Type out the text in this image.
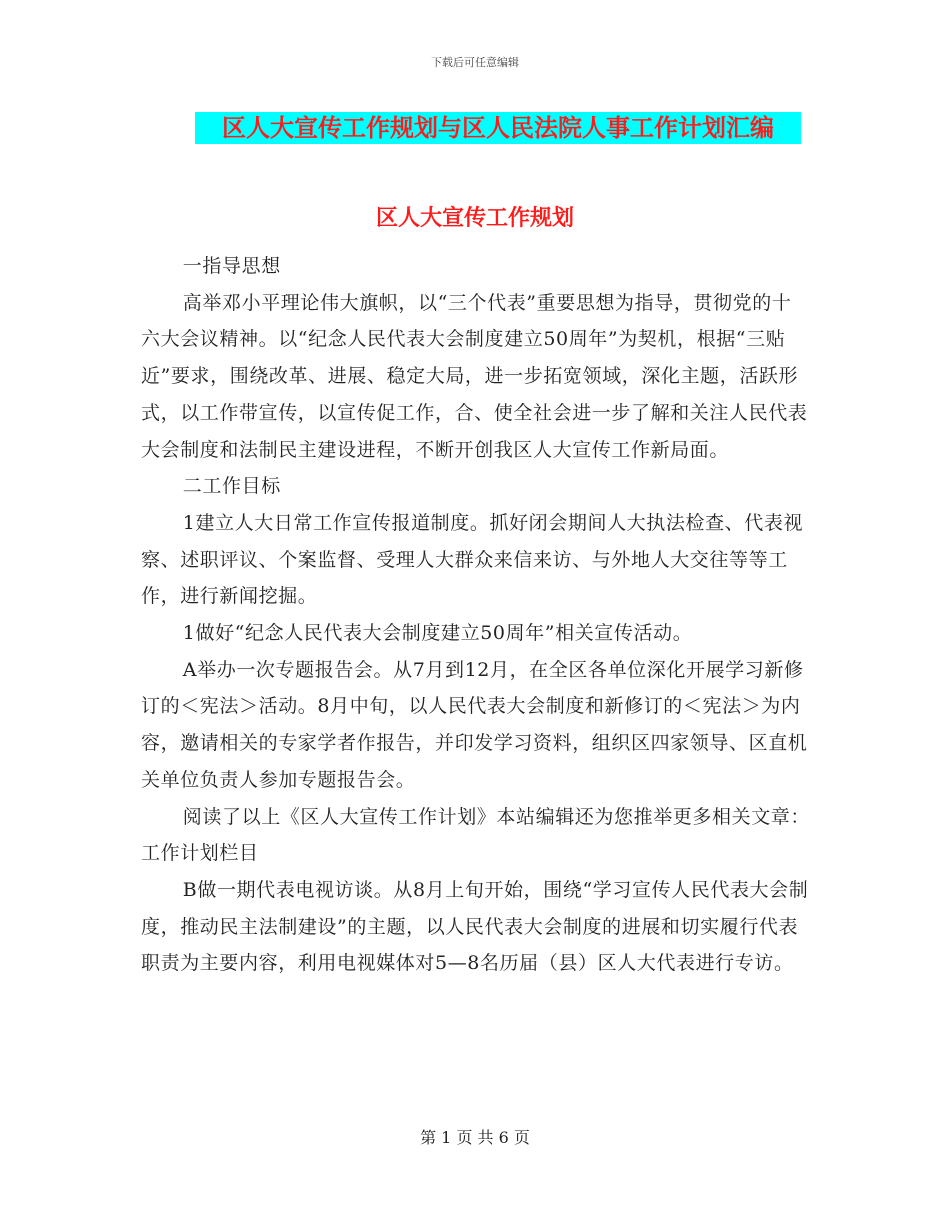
下载后可任意编辑
区人大宣传工作规划与区人民法院人事工作计划汇编
区人大宣传工作规划

一指导思想

高举邓小平理论伟大旗帜，以“三个代表”重要思想为指导，贯彻党的十六大会议精神。以“纪念人民代表大会制度建立50周年”为契机，根据“三贴近”要求，围绕改革、进展、稳定大局，进一步拓宽领域，深化主题，活跃形式，以工作带宣传，以宣传促工作，合、使全社会进一步了解和关注人民代表大会制度和法制民主建设进程，不断开创我区人大宣传工作新局面。

二工作目标

1建立人大日常工作宣传报道制度。抓好闭会期间人大执法检查、代表视察、述职评议、个案监督、受理人大群众来信来访、与外地人大交往等等工作，进行新闻挖掘。

1做好“纪念人民代表大会制度建立50周年”相关宣传活动。

A举办一次专题报告会。从7月到12月，在全区各单位深化开展学习新修订的＜宪法＞活动。8月中旬，以人民代表大会制度和新修订的＜宪法＞为内容，邀请相关的专家学者作报告，并印发学习资料，组织区四家领导、区直机关单位负责人参加专题报告会。

阅读了以上《区人大宣传工作计划》本站编辑还为您推举更多相关文章：工作计划栏目

B做一期代表电视访谈。从8月上旬开始，围绕“学习宣传人民代表大会制度，推动民主法制建设”的主题，以人民代表大会制度的进展和切实履行代表职责为主要内容，利用电视媒体对5—8名历届（县）区人大代表进行专访。

第 1 页 共 6 页
